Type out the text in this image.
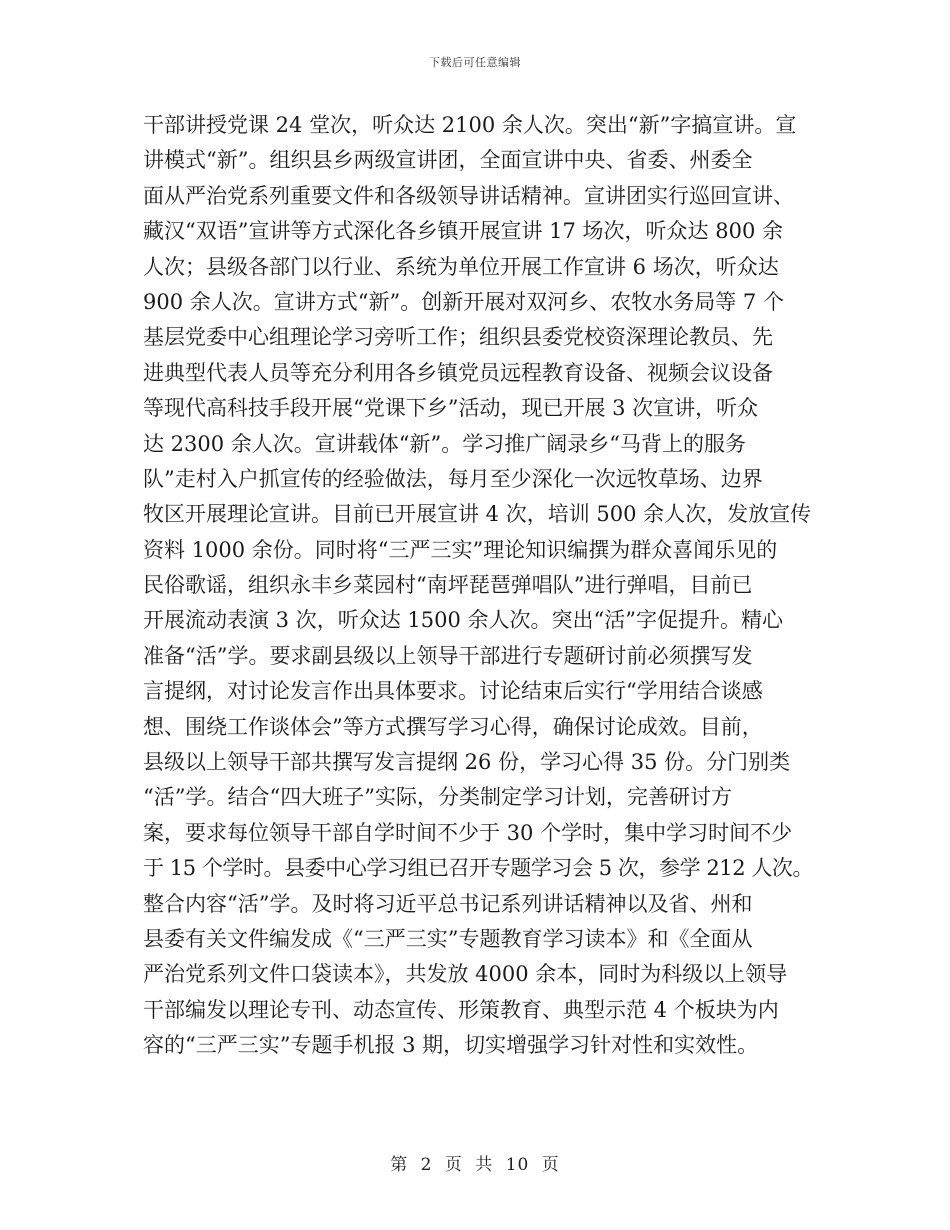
下载后可任意编辑
干部讲授党课 24 堂次，听众达 2100 余人次。突出“新”字搞宣讲。宣
讲模式“新”。组织县乡两级宣讲团，全面宣讲中央、省委、州委全
面从严治党系列重要文件和各级领导讲话精神。宣讲团实行巡回宣讲、
藏汉“双语”宣讲等方式深化各乡镇开展宣讲 17 场次，听众达 800 余
人次；县级各部门以行业、系统为单位开展工作宣讲 6 场次，听众达
900 余人次。宣讲方式“新”。创新开展对双河乡、农牧水务局等 7 个
基层党委中心组理论学习旁听工作；组织县委党校资深理论教员、先
进典型代表人员等充分利用各乡镇党员远程教育设备、视频会议设备
等现代高科技手段开展“党课下乡”活动，现已开展 3 次宣讲，听众
达 2300 余人次。宣讲载体“新”。学习推广阔录乡“马背上的服务
队”走村入户抓宣传的经验做法，每月至少深化一次远牧草场、边界
牧区开展理论宣讲。目前已开展宣讲 4 次，培训 500 余人次，发放宣传
资料 1000 余份。同时将“三严三实”理论知识编撰为群众喜闻乐见的
民俗歌谣，组织永丰乡菜园村“南坪琵琶弹唱队”进行弹唱，目前已
开展流动表演 3 次，听众达 1500 余人次。突出“活”字促提升。精心
准备“活”学。要求副县级以上领导干部进行专题研讨前必须撰写发
言提纲，对讨论发言作出具体要求。讨论结束后实行“学用结合谈感
想、围绕工作谈体会”等方式撰写学习心得，确保讨论成效。目前，
县级以上领导干部共撰写发言提纲 26 份，学习心得 35 份。分门别类
“活”学。结合“四大班子”实际，分类制定学习计划，完善研讨方
案，要求每位领导干部自学时间不少于 30 个学时，集中学习时间不少
于 15 个学时。县委中心学习组已召开专题学习会 5 次，参学 212 人次。
整合内容“活”学。及时将习近平总书记系列讲话精神以及省、州和
县委有关文件编发成《“三严三实”专题教育学习读本》和《全面从
严治党系列文件口袋读本》，共发放 4000 余本，同时为科级以上领导
干部编发以理论专刊、动态宣传、形策教育、典型示范 4 个板块为内
容的“三严三实”专题手机报 3 期，切实增强学习针对性和实效性。
第 2 页 共 10 页
